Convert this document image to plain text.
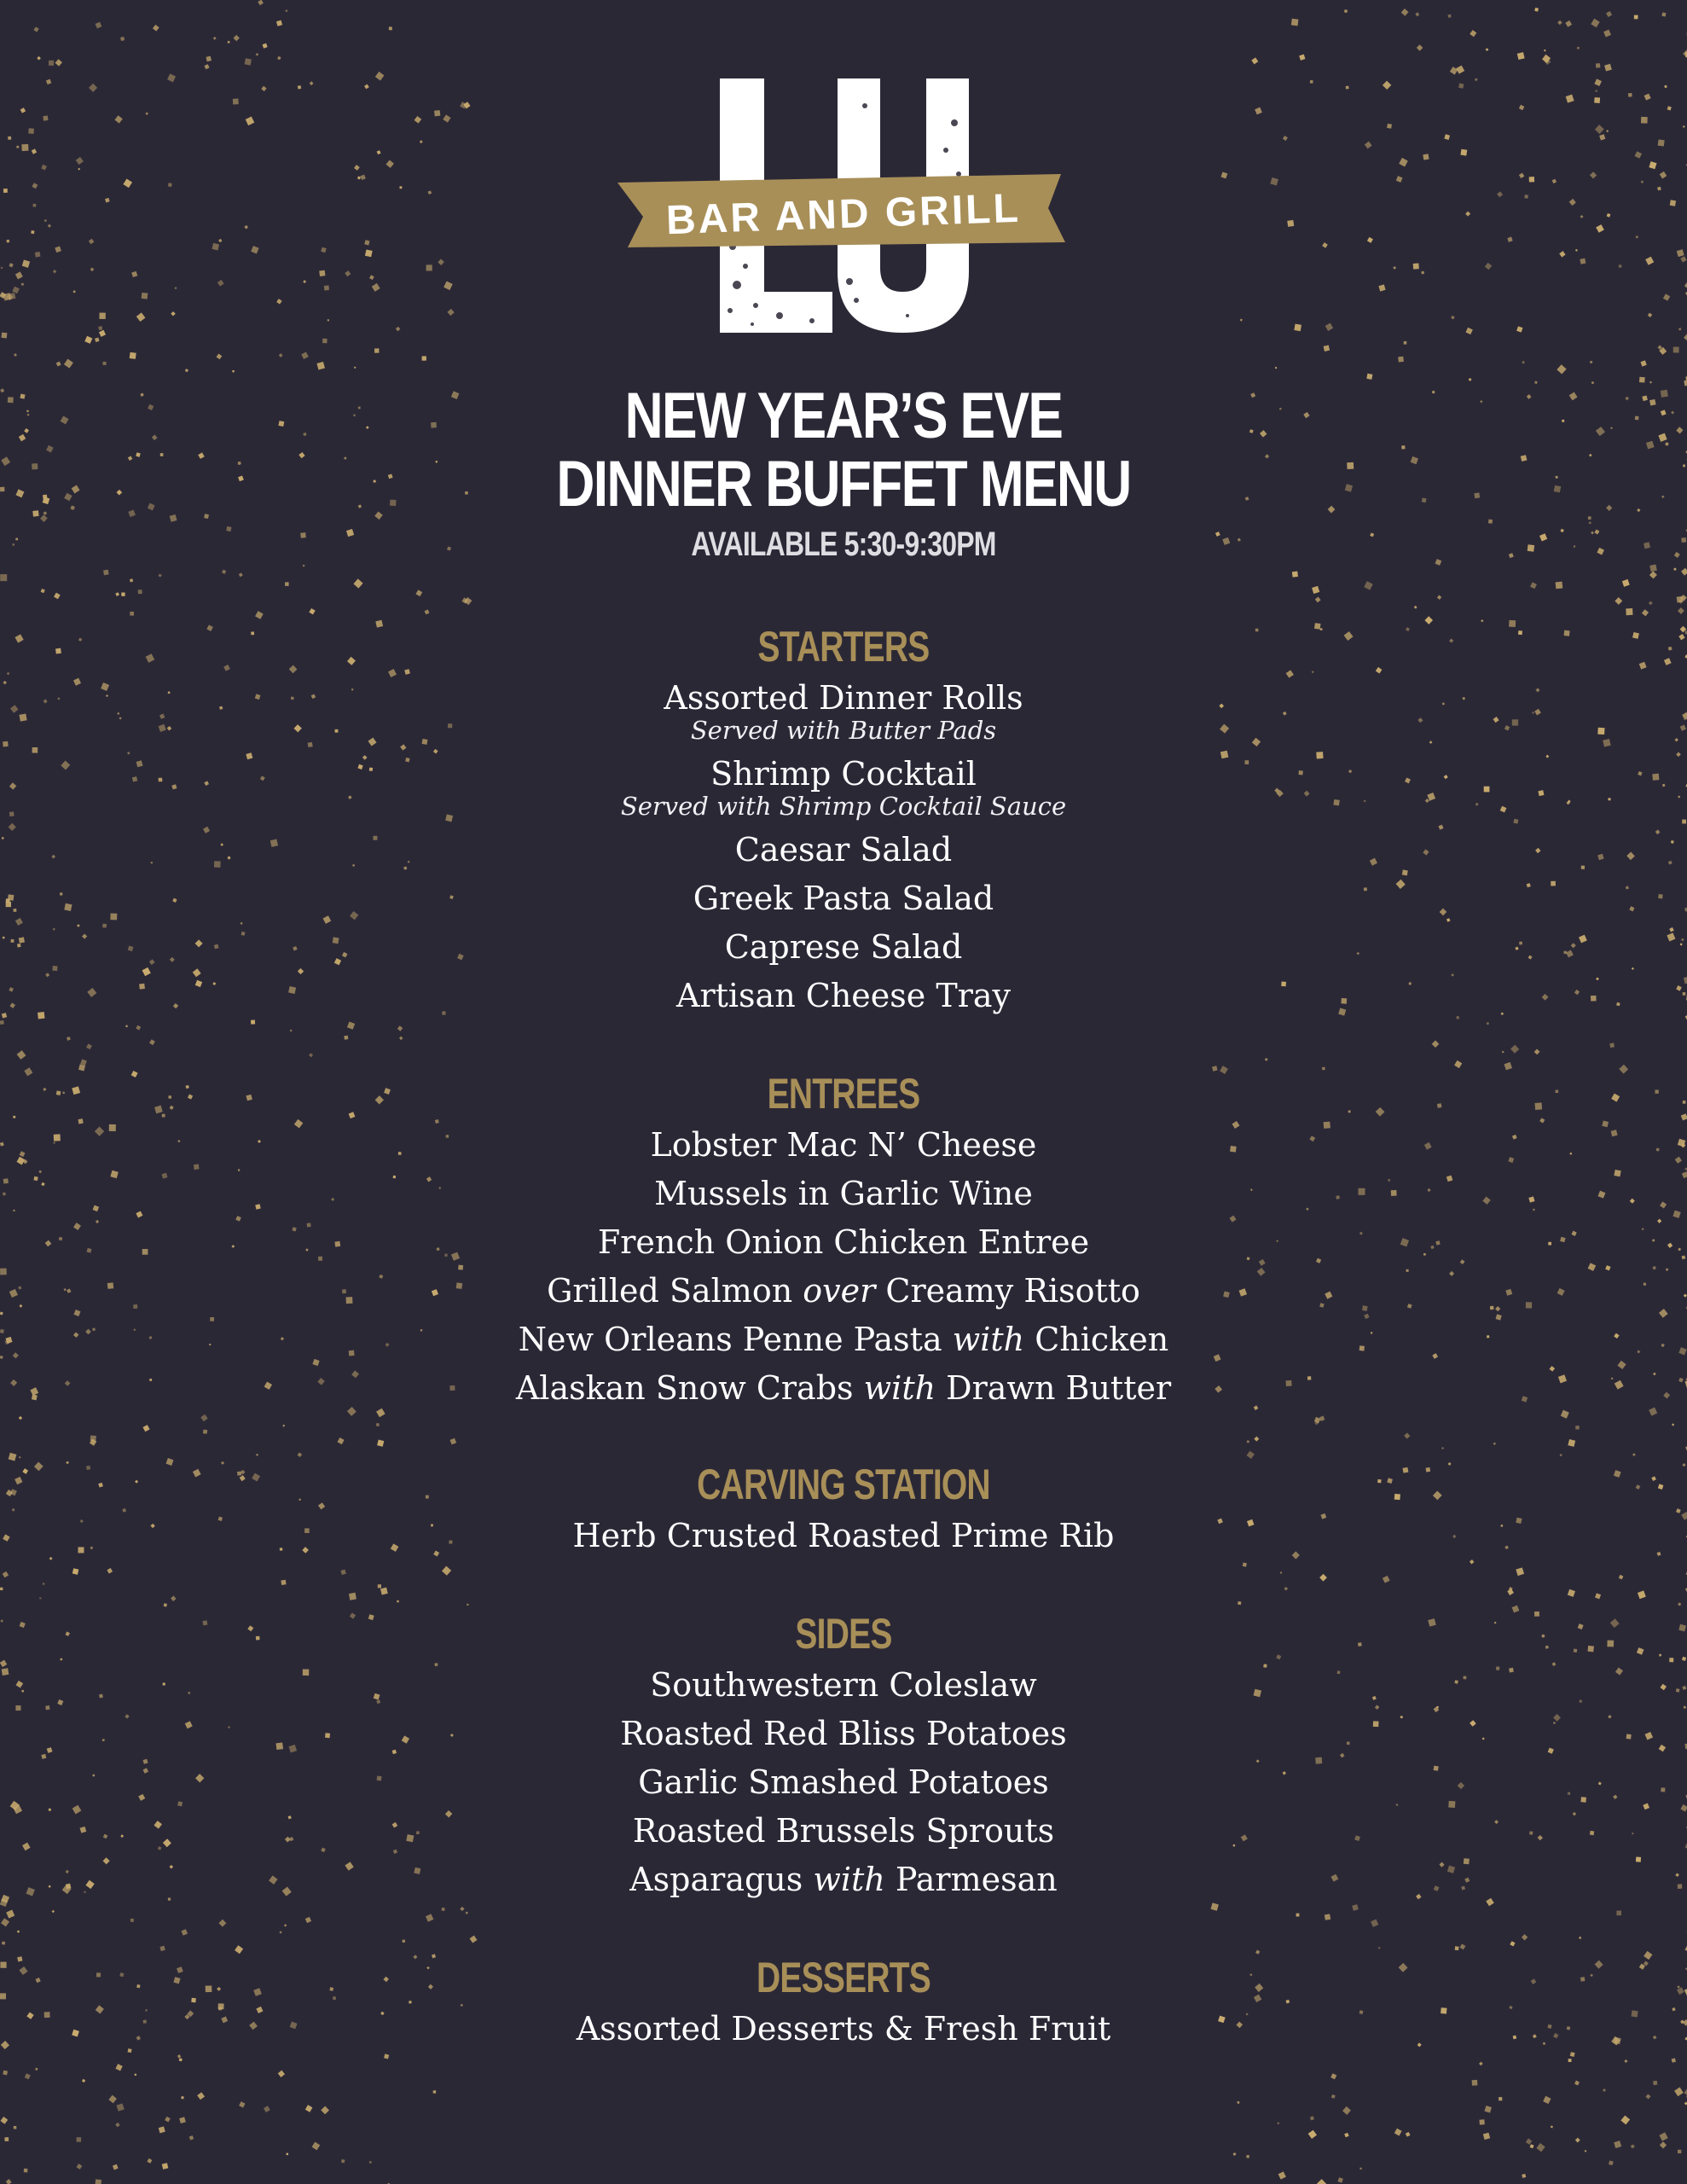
BAR AND GRILL
NEW YEAR’S EVE
DINNER BUFFET MENU
AVAILABLE 5:30-9:30PM
STARTERS
Assorted Dinner Rolls
Served with Butter Pads
Shrimp Cocktail
Served with Shrimp Cocktail Sauce
Caesar Salad
Greek Pasta Salad
Caprese Salad
Artisan Cheese Tray
ENTREES
Lobster Mac N’ Cheese
Mussels in Garlic Wine
French Onion Chicken Entree
Grilled Salmon over Creamy Risotto
New Orleans Penne Pasta with Chicken
Alaskan Snow Crabs with Drawn Butter
CARVING STATION
Herb Crusted Roasted Prime Rib
SIDES
Southwestern Coleslaw
Roasted Red Bliss Potatoes
Garlic Smashed Potatoes
Roasted Brussels Sprouts
Asparagus with Parmesan
DESSERTS
Assorted Desserts & Fresh Fruit
